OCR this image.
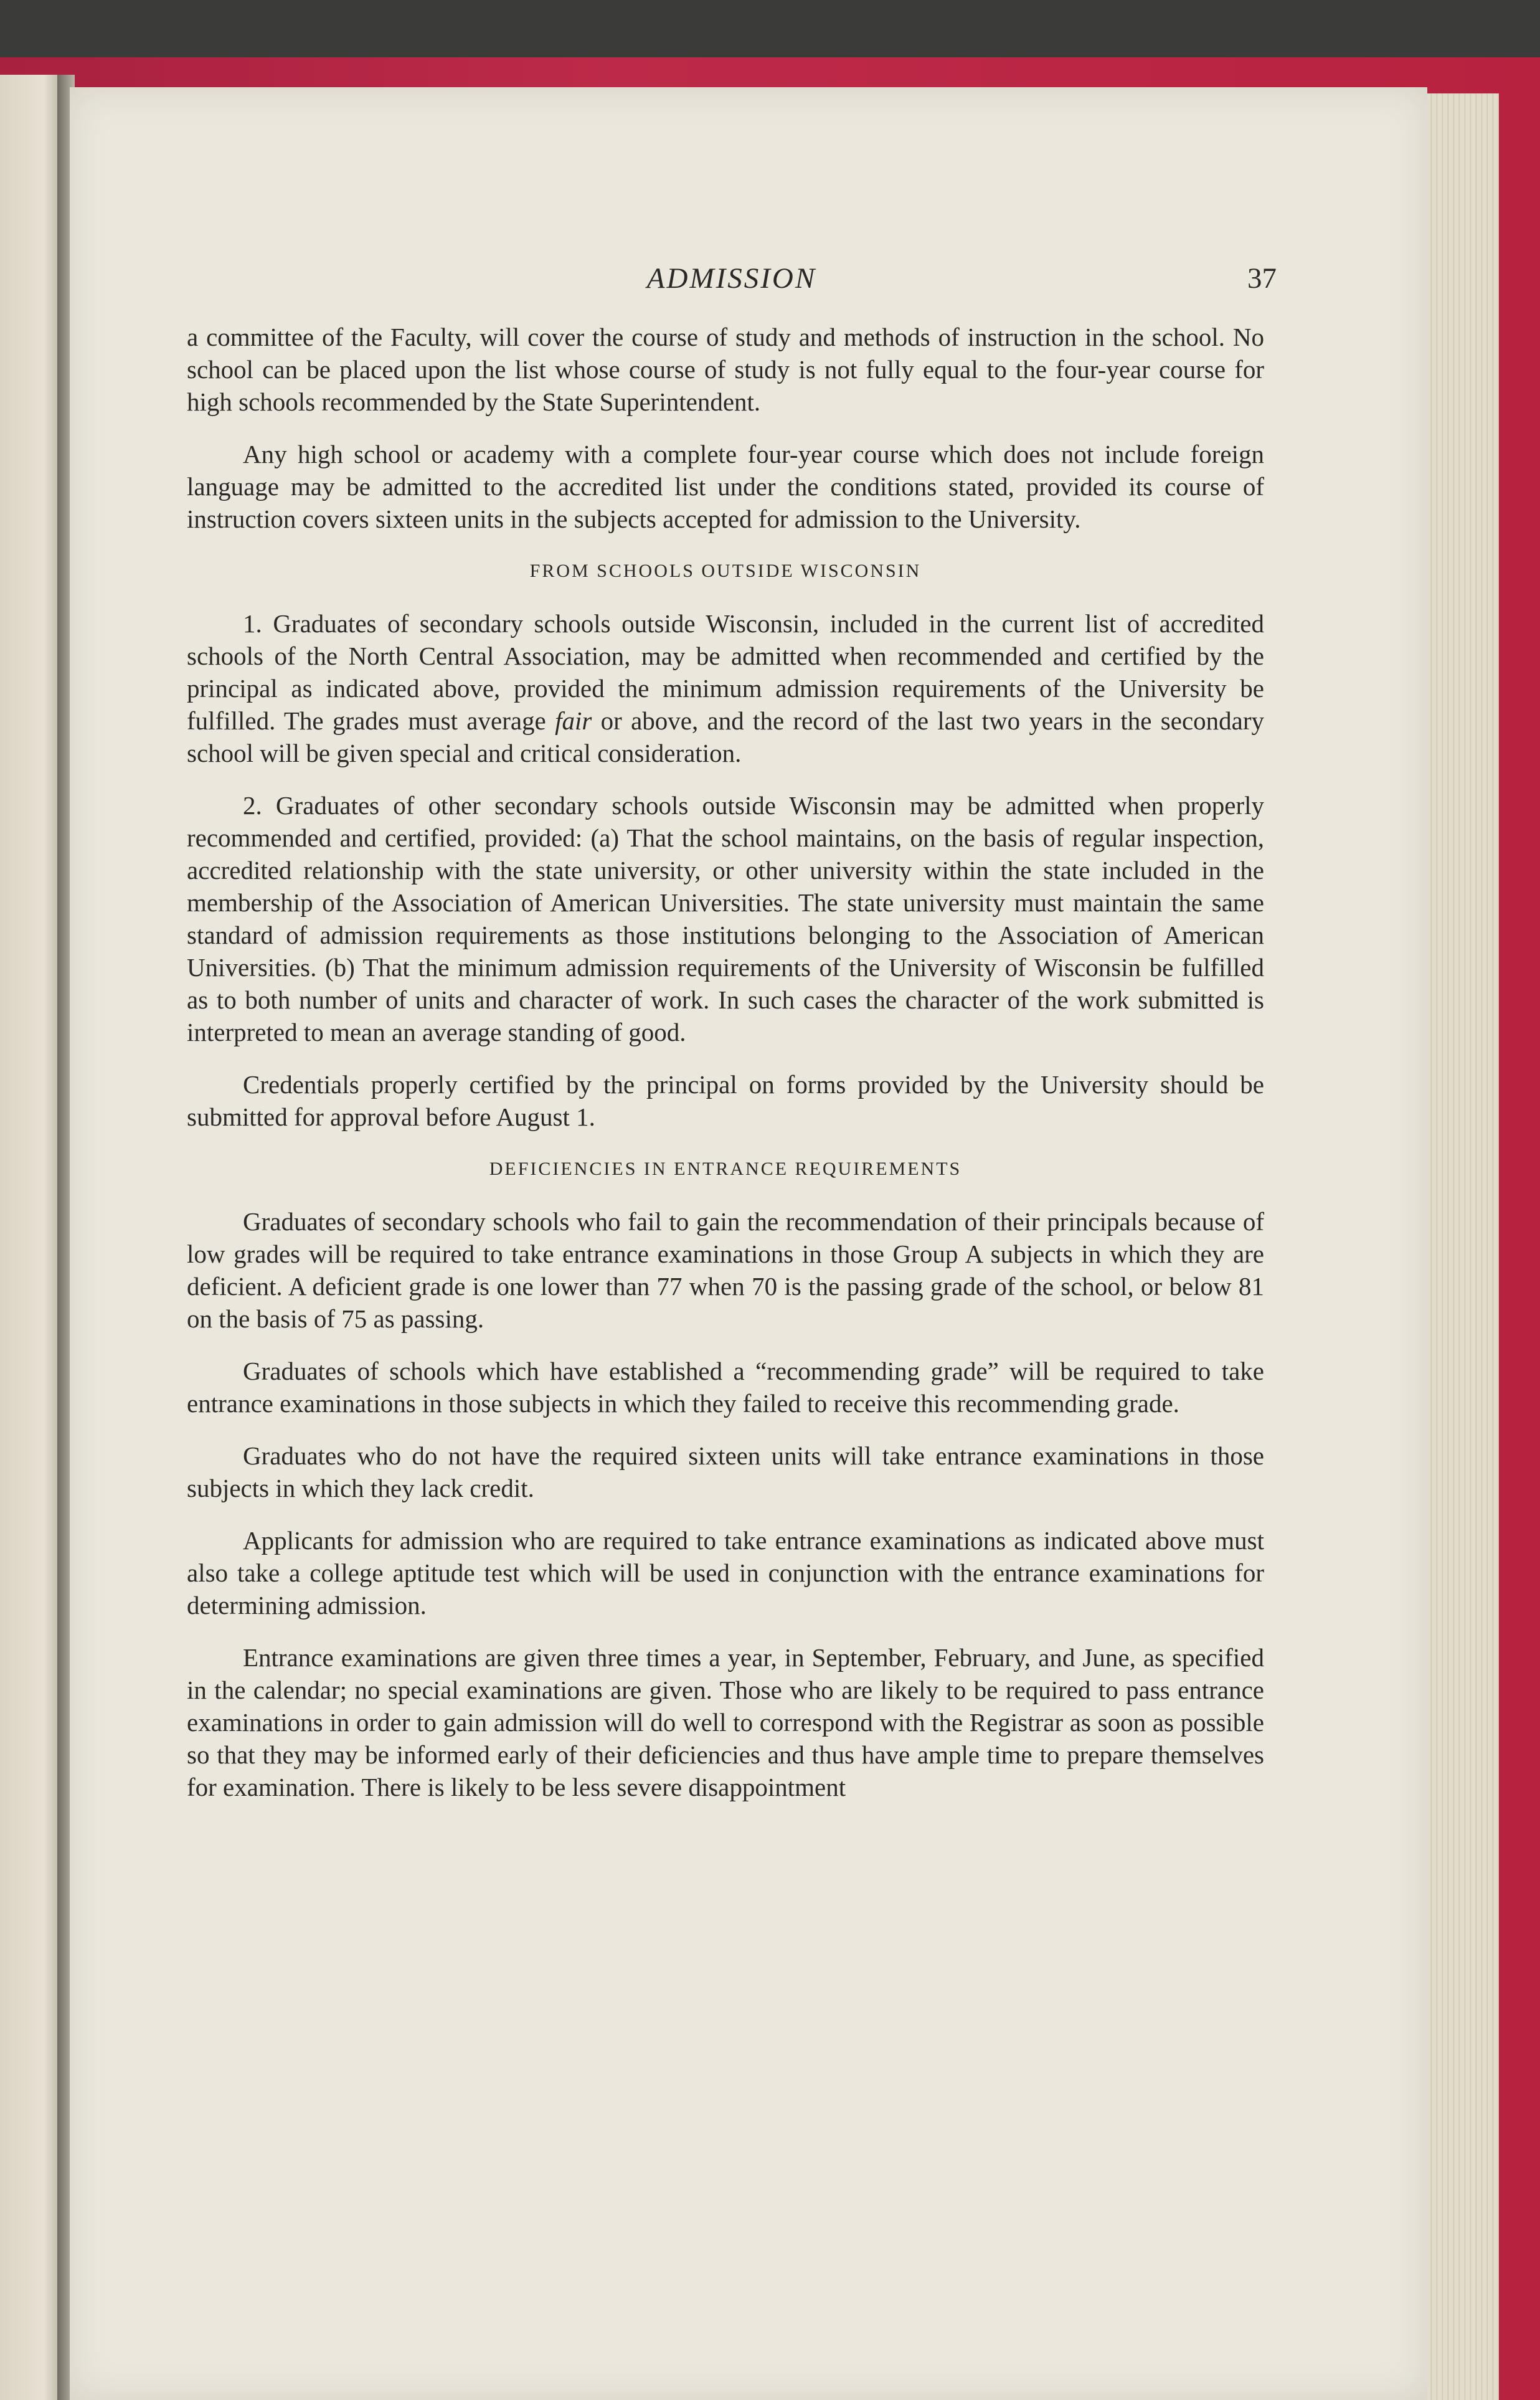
ADMISSION	37

a committee of the Faculty, will cover the course of study and methods of instruction in the school. No school can be placed upon the list whose course of study is not fully equal to the four-year course for high schools recommended by the State Superintendent.

Any high school or academy with a complete four-year course which does not include foreign language may be admitted to the accredited list under the conditions stated, provided its course of instruction covers sixteen units in the subjects accepted for admission to the University.

FROM SCHOOLS OUTSIDE WISCONSIN

1. Graduates of secondary schools outside Wisconsin, included in the current list of accredited schools of the North Central Association, may be admitted when recommended and certified by the principal as indicated above, provided the minimum admission requirements of the University be fulfilled. The grades must average fair or above, and the record of the last two years in the secondary school will be given special and critical consideration.

2. Graduates of other secondary schools outside Wisconsin may be admitted when properly recommended and certified, provided: (a) That the school maintains, on the basis of regular inspection, accredited relationship with the state university, or other university within the state included in the membership of the Association of American Universities. The state university must maintain the same standard of admission requirements as those institutions belonging to the Association of American Universities. (b) That the minimum admission requirements of the University of Wisconsin be fulfilled as to both number of units and character of work. In such cases the character of the work submitted is interpreted to mean an average standing of good.

Credentials properly certified by the principal on forms provided by the University should be submitted for approval before August 1.

DEFICIENCIES IN ENTRANCE REQUIREMENTS

Graduates of secondary schools who fail to gain the recommendation of their principals because of low grades will be required to take entrance examinations in those Group A subjects in which they are deficient. A deficient grade is one lower than 77 when 70 is the passing grade of the school, or below 81 on the basis of 75 as passing.

Graduates of schools which have established a “recommending grade” will be required to take entrance examinations in those subjects in which they failed to receive this recommending grade.

Graduates who do not have the required sixteen units will take entrance examinations in those subjects in which they lack credit.

Applicants for admission who are required to take entrance examinations as indicated above must also take a college aptitude test which will be used in conjunction with the entrance examinations for determining admission.

Entrance examinations are given three times a year, in September, February, and June, as specified in the calendar; no special examinations are given. Those who are likely to be required to pass entrance examinations in order to gain admission will do well to correspond with the Registrar as soon as possible so that they may be informed early of their deficiencies and thus have ample time to prepare themselves for examination. There is likely to be less severe disappointment
